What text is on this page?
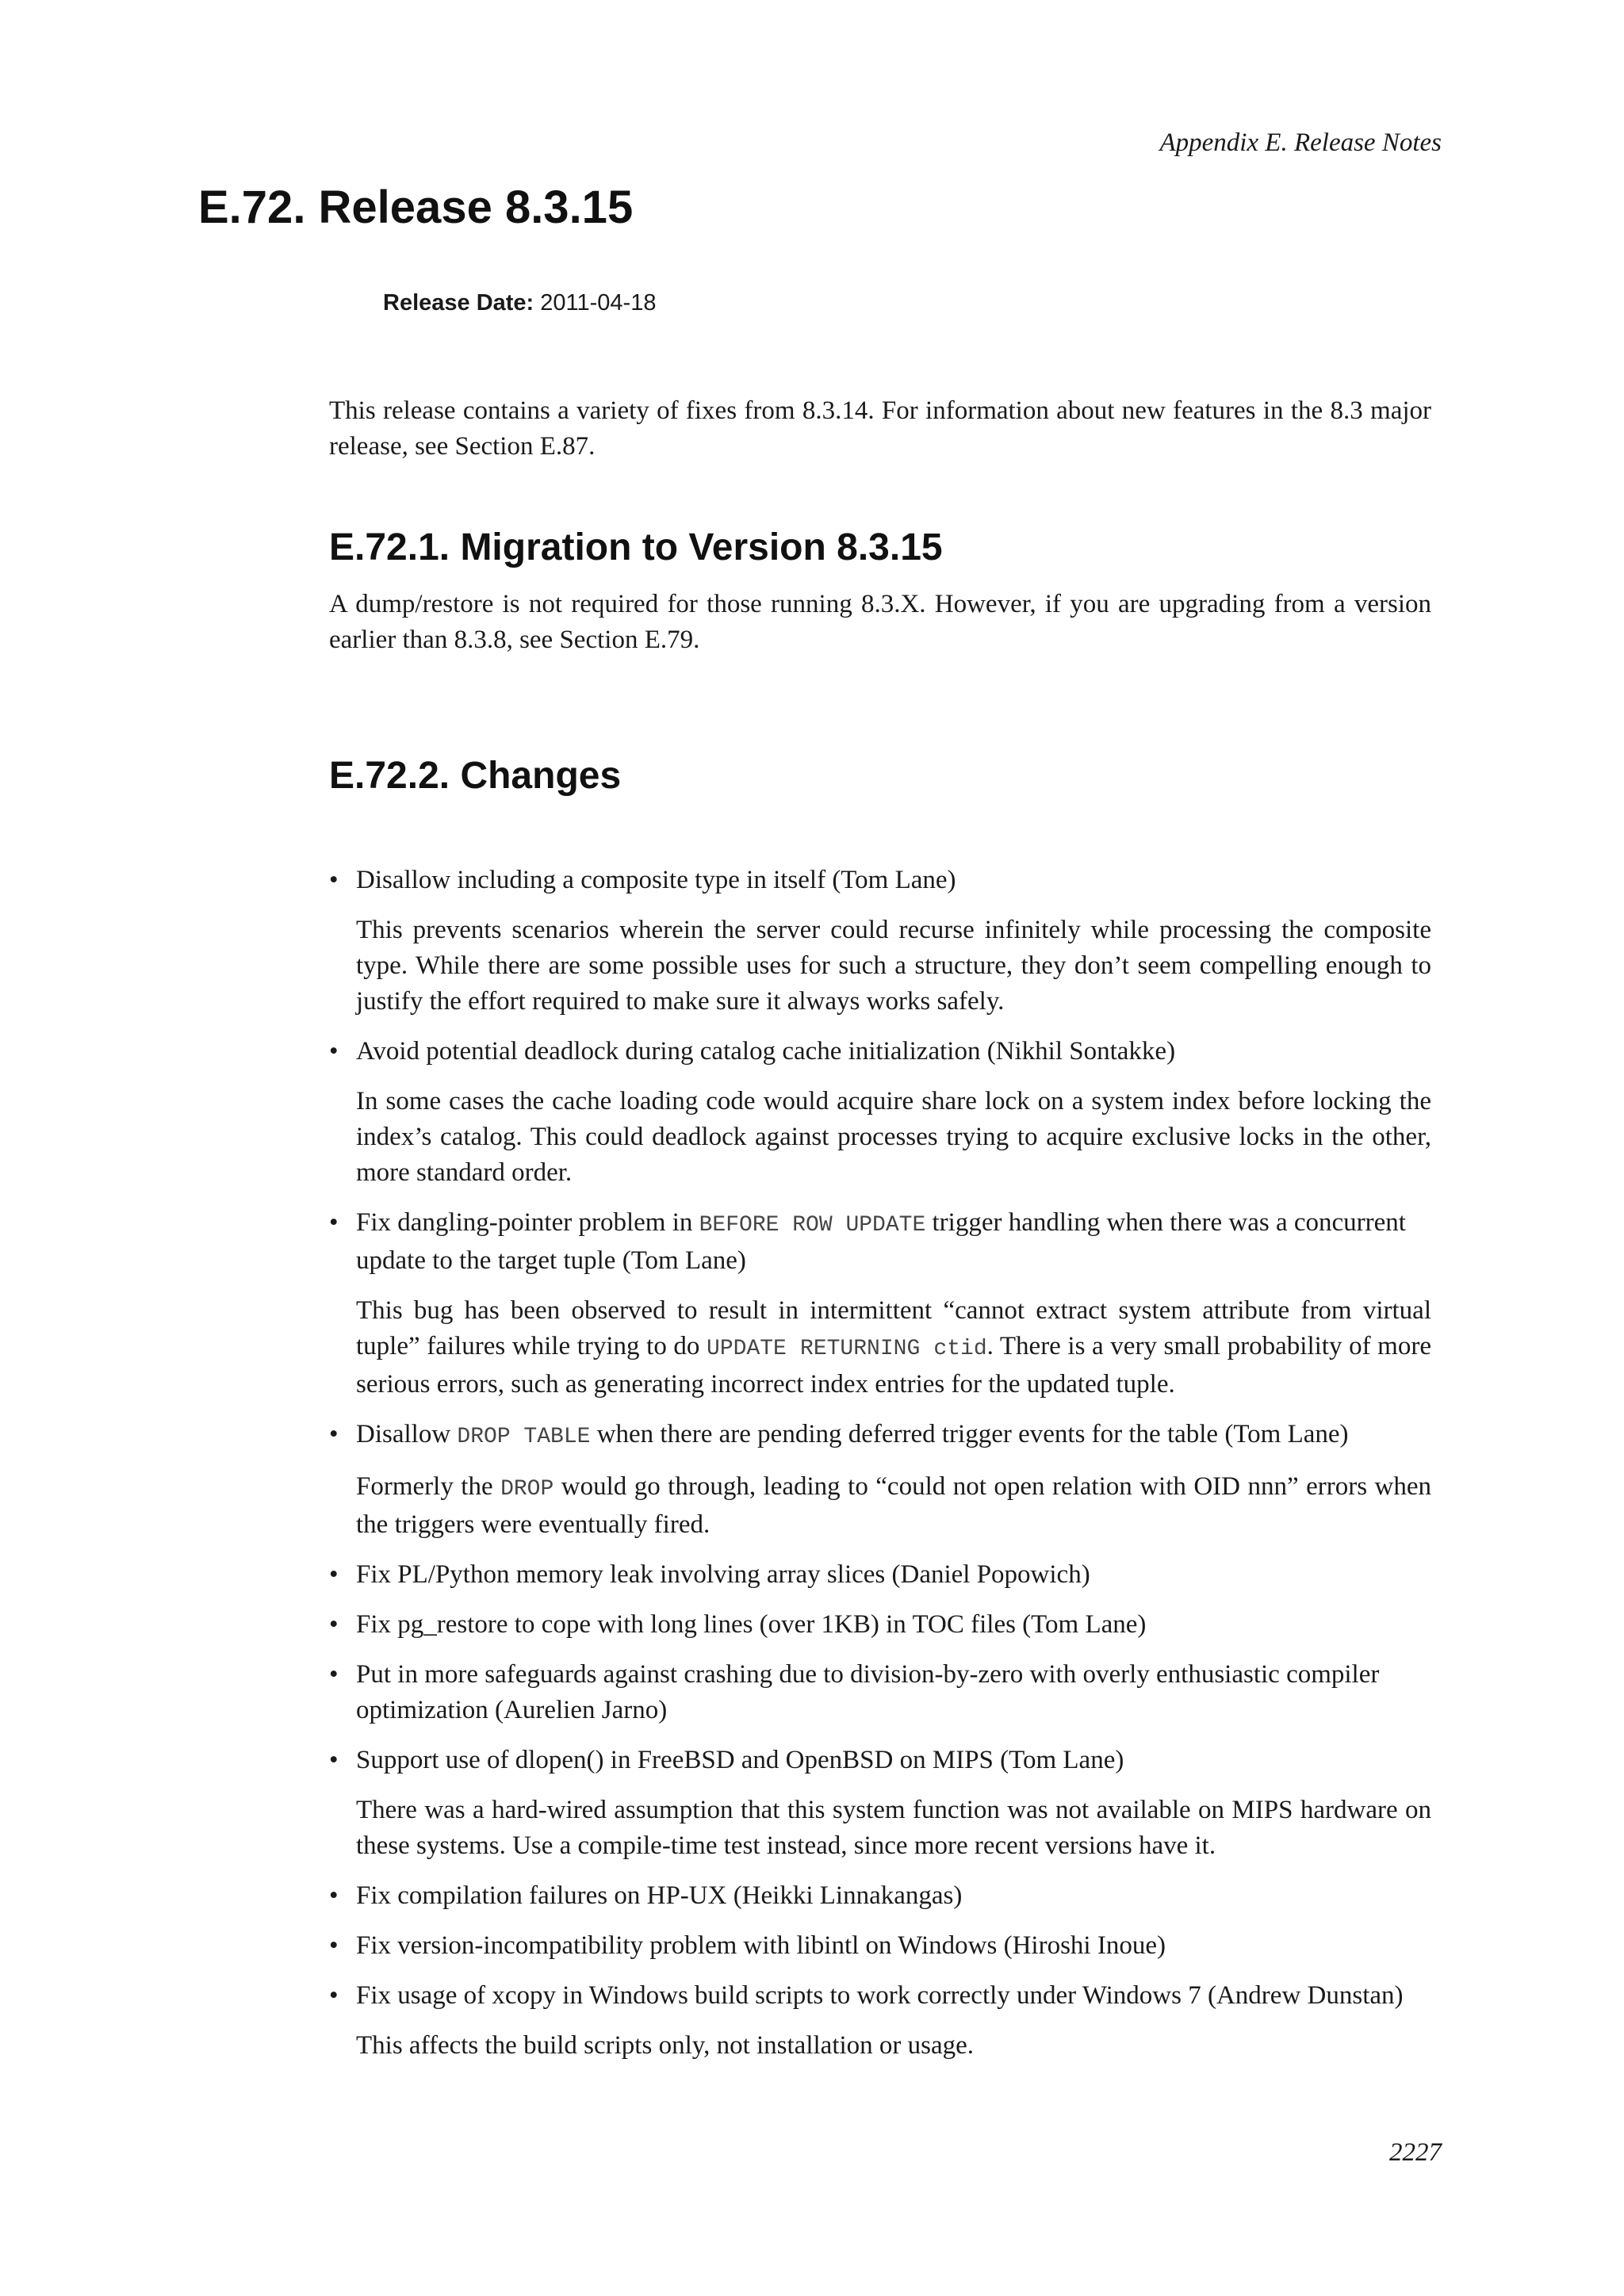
Appendix E. Release Notes
E.72. Release 8.3.15
Release Date: 2011-04-18

This release contains a variety of fixes from 8.3.14. For information about new features in the 8.3 major release, see Section E.87.

E.72.1. Migration to Version 8.3.15

A dump/restore is not required for those running 8.3.X. However, if you are upgrading from a version earlier than 8.3.8, see Section E.79.

E.72.2. Changes
• Disallow including a composite type in itself (Tom Lane)

This prevents scenarios wherein the server could recurse infinitely while processing the composite type. While there are some possible uses for such a structure, they don’t seem compelling enough to justify the effort required to make sure it always works safely.

• Avoid potential deadlock during catalog cache initialization (Nikhil Sontakke)

In some cases the cache loading code would acquire share lock on a system index before locking the index’s catalog. This could deadlock against processes trying to acquire exclusive locks in the other, more standard order.

• Fix dangling-pointer problem in BEFORE ROW UPDATE trigger handling when there was a concurrent update to the target tuple (Tom Lane)

This bug has been observed to result in intermittent “cannot extract system attribute from virtual tuple” failures while trying to do UPDATE RETURNING ctid. There is a very small probability of more serious errors, such as generating incorrect index entries for the updated tuple.

• Disallow DROP TABLE when there are pending deferred trigger events for the table (Tom Lane)

Formerly the DROP would go through, leading to “could not open relation with OID nnn” errors when the triggers were eventually fired.

• Fix PL/Python memory leak involving array slices (Daniel Popowich)

• Fix pg_restore to cope with long lines (over 1KB) in TOC files (Tom Lane)

• Put in more safeguards against crashing due to division-by-zero with overly enthusiastic compiler optimization (Aurelien Jarno)

• Support use of dlopen() in FreeBSD and OpenBSD on MIPS (Tom Lane)

There was a hard-wired assumption that this system function was not available on MIPS hardware on these systems. Use a compile-time test instead, since more recent versions have it.

• Fix compilation failures on HP-UX (Heikki Linnakangas)

• Fix version-incompatibility problem with libintl on Windows (Hiroshi Inoue)

• Fix usage of xcopy in Windows build scripts to work correctly under Windows 7 (Andrew Dunstan)

This affects the build scripts only, not installation or usage.

2227
